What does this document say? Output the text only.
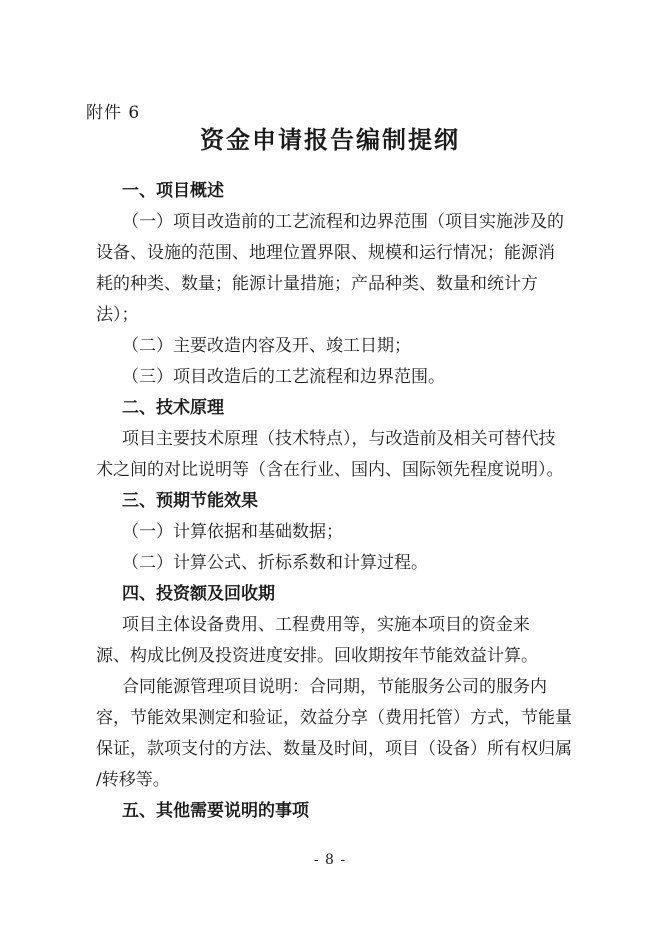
附件 6
资金申请报告编制提纲
一、项目概述
（一）项目改造前的工艺流程和边界范围（项目实施涉及的
设备、设施的范围、地理位置界限、规模和运行情况；能源消
耗的种类、数量；能源计量措施；产品种类、数量和统计方
法）；
（二）主要改造内容及开、竣工日期；
（三）项目改造后的工艺流程和边界范围。
二、技术原理
项目主要技术原理（技术特点），与改造前及相关可替代技
术之间的对比说明等（含在行业、国内、国际领先程度说明）。
三、预期节能效果
（一）计算依据和基础数据；
（二）计算公式、折标系数和计算过程。
四、投资额及回收期
项目主体设备费用、工程费用等，实施本项目的资金来
源、构成比例及投资进度安排。回收期按年节能效益计算。
合同能源管理项目说明：合同期，节能服务公司的服务内
容，节能效果测定和验证，效益分享（费用托管）方式，节能量
保证，款项支付的方法、数量及时间，项目（设备）所有权归属
/转移等。
五、其他需要说明的事项
- 8 -
